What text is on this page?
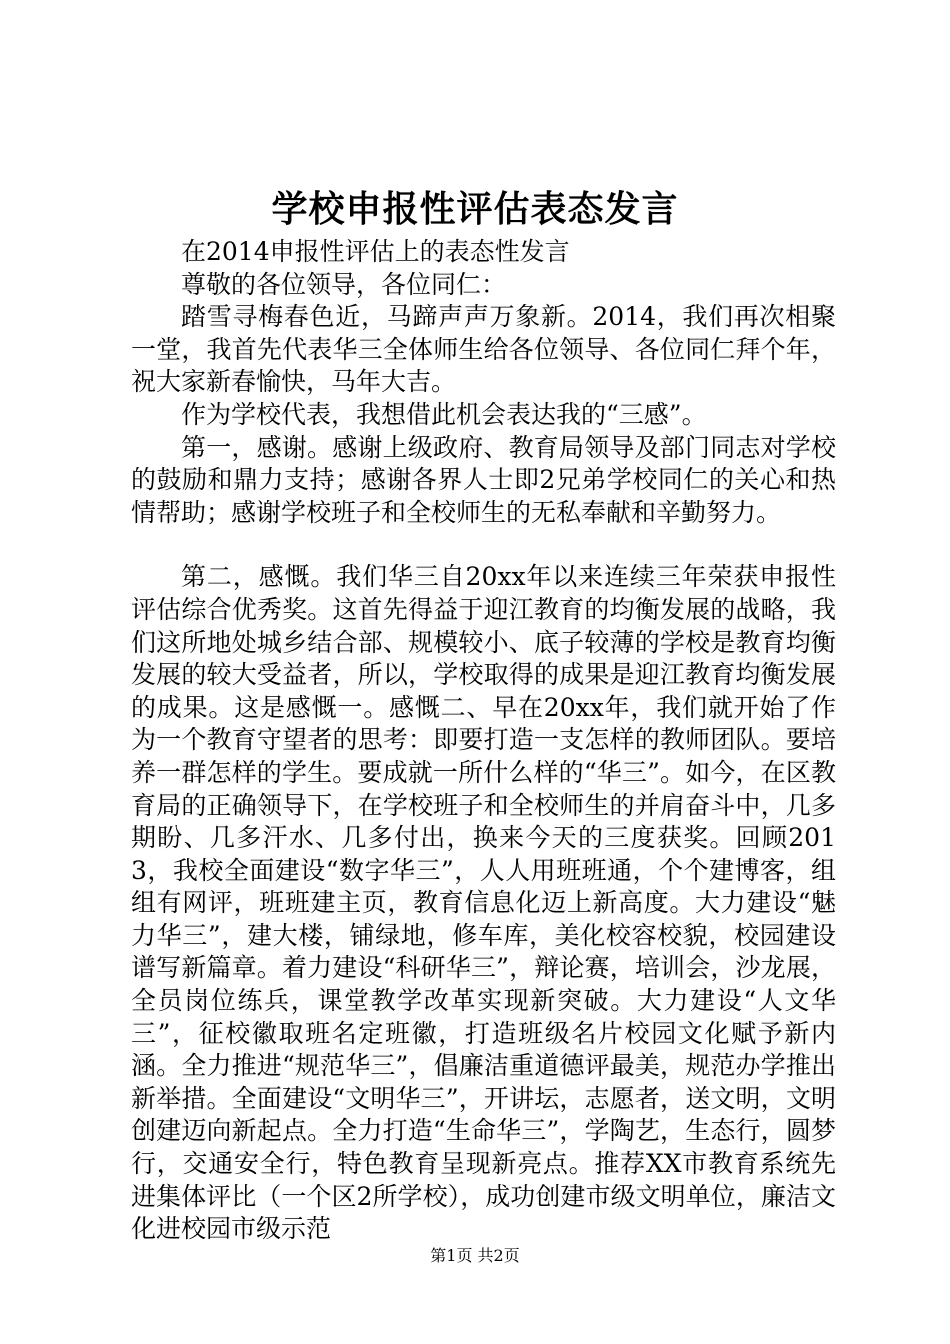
学校申报性评估表态发言

在2014申报性评估上的表态性发言

尊敬的各位领导，各位同仁：

踏雪寻梅春色近，马蹄声声万象新。2014，我们再次相聚一堂，我首先代表华三全体师生给各位领导、各位同仁拜个年，祝大家新春愉快，马年大吉。

作为学校代表，我想借此机会表达我的“三感”。

第一，感谢。感谢上级政府、教育局领导及部门同志对学校的鼓励和鼎力支持；感谢各界人士即2兄弟学校同仁的关心和热情帮助；感谢学校班子和全校师生的无私奉献和辛勤努力。

第二，感慨。我们华三自20xx年以来连续三年荣获申报性评估综合优秀奖。这首先得益于迎江教育的均衡发展的战略，我们这所地处城乡结合部、规模较小、底子较薄的学校是教育均衡发展的较大受益者，所以，学校取得的成果是迎江教育均衡发展的成果。这是感慨一。感慨二、早在20xx年，我们就开始了作为一个教育守望者的思考：即要打造一支怎样的教师团队。要培养一群怎样的学生。要成就一所什么样的“华三”。如今，在区教育局的正确领导下，在学校班子和全校师生的并肩奋斗中，几多期盼、几多汗水、几多付出，换来今天的三度获奖。回顾2013，我校全面建设“数字华三”，人人用班班通，个个建博客，组组有网评，班班建主页，教育信息化迈上新高度。大力建设“魅力华三”，建大楼，铺绿地，修车库，美化校容校貌，校园建设谱写新篇章。着力建设“科研华三”，辩论赛，培训会，沙龙展，全员岗位练兵，课堂教学改革实现新突破。大力建设“人文华三”，征校徽取班名定班徽，打造班级名片校园文化赋予新内涵。全力推进“规范华三”，倡廉洁重道德评最美，规范办学推出新举措。全面建设“文明华三”，开讲坛，志愿者，送文明，文明创建迈向新起点。全力打造“生命华三”，学陶艺，生态行，圆梦行，交通安全行，特色教育呈现新亮点。推荐XX市教育系统先进集体评比（一个区2所学校），成功创建市级文明单位，廉洁文化进校园市级示范

第1页 共2页
